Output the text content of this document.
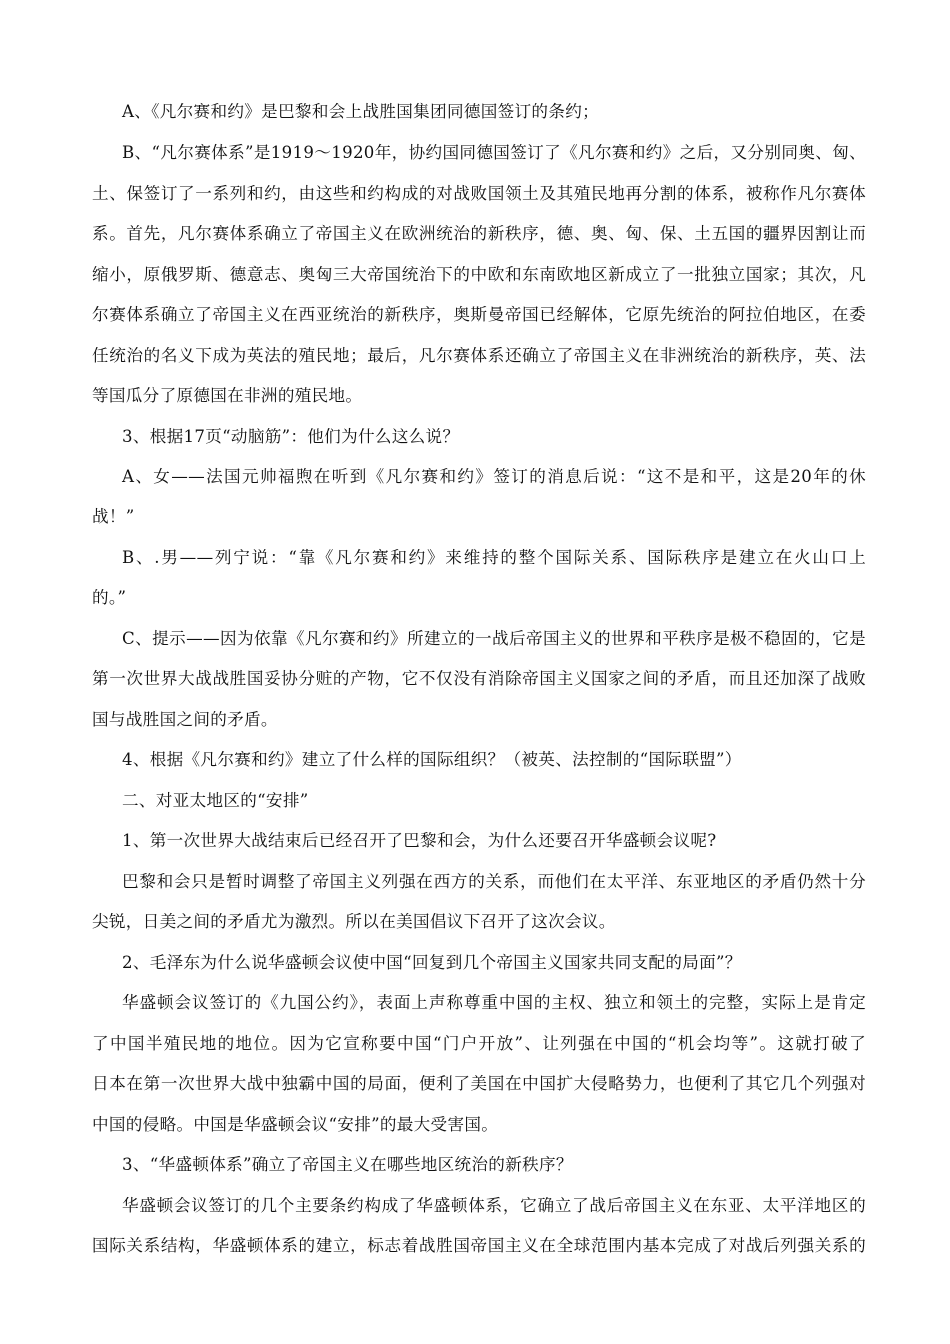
A、《凡尔赛和约》是巴黎和会上战胜国集团同德国签订的条约；
B、“凡尔赛体系”是1919～1920年，协约国同德国签订了《凡尔赛和约》之后，又分别同奥、匈、
土、保签订了一系列和约，由这些和约构成的对战败国领土及其殖民地再分割的体系，被称作凡尔赛体
系。首先，凡尔赛体系确立了帝国主义在欧洲统治的新秩序，德、奥、匈、保、土五国的疆界因割让而
缩小，原俄罗斯、德意志、奥匈三大帝国统治下的中欧和东南欧地区新成立了一批独立国家；其次，凡
尔赛体系确立了帝国主义在西亚统治的新秩序，奥斯曼帝国已经解体，它原先统治的阿拉伯地区，在委
任统治的名义下成为英法的殖民地；最后，凡尔赛体系还确立了帝国主义在非洲统治的新秩序，英、法
等国瓜分了原德国在非洲的殖民地。
3、根据17页“动脑筋”：他们为什么这么说？
A、女——法国元帅福煦在听到《凡尔赛和约》签订的消息后说：“这不是和平，这是20年的休
战！”
B、.男——列宁说：“靠《凡尔赛和约》来维持的整个国际关系、国际秩序是建立在火山口上
的。”
C、提示——因为依靠《凡尔赛和约》所建立的一战后帝国主义的世界和平秩序是极不稳固的，它是
第一次世界大战战胜国妥协分赃的产物，它不仅没有消除帝国主义国家之间的矛盾，而且还加深了战败
国与战胜国之间的矛盾。
4、根据《凡尔赛和约》建立了什么样的国际组织？（被英、法控制的“国际联盟”）
二、对亚太地区的“安排”
1、第一次世界大战结束后已经召开了巴黎和会，为什么还要召开华盛顿会议呢?
巴黎和会只是暂时调整了帝国主义列强在西方的关系，而他们在太平洋、东亚地区的矛盾仍然十分
尖锐，日美之间的矛盾尤为激烈。所以在美国倡议下召开了这次会议。
2、毛泽东为什么说华盛顿会议使中国“回复到几个帝国主义国家共同支配的局面”？
华盛顿会议签订的《九国公约》，表面上声称尊重中国的主权、独立和领土的完整，实际上是肯定
了中国半殖民地的地位。因为它宣称要中国“门户开放”、让列强在中国的“机会均等”。这就打破了
日本在第一次世界大战中独霸中国的局面，便利了美国在中国扩大侵略势力，也便利了其它几个列强对
中国的侵略。中国是华盛顿会议“安排”的最大受害国。
3、“华盛顿体系”确立了帝国主义在哪些地区统治的新秩序？
华盛顿会议签订的几个主要条约构成了华盛顿体系，它确立了战后帝国主义在东亚、太平洋地区的
国际关系结构，华盛顿体系的建立，标志着战胜国帝国主义在全球范围内基本完成了对战后列强关系的
